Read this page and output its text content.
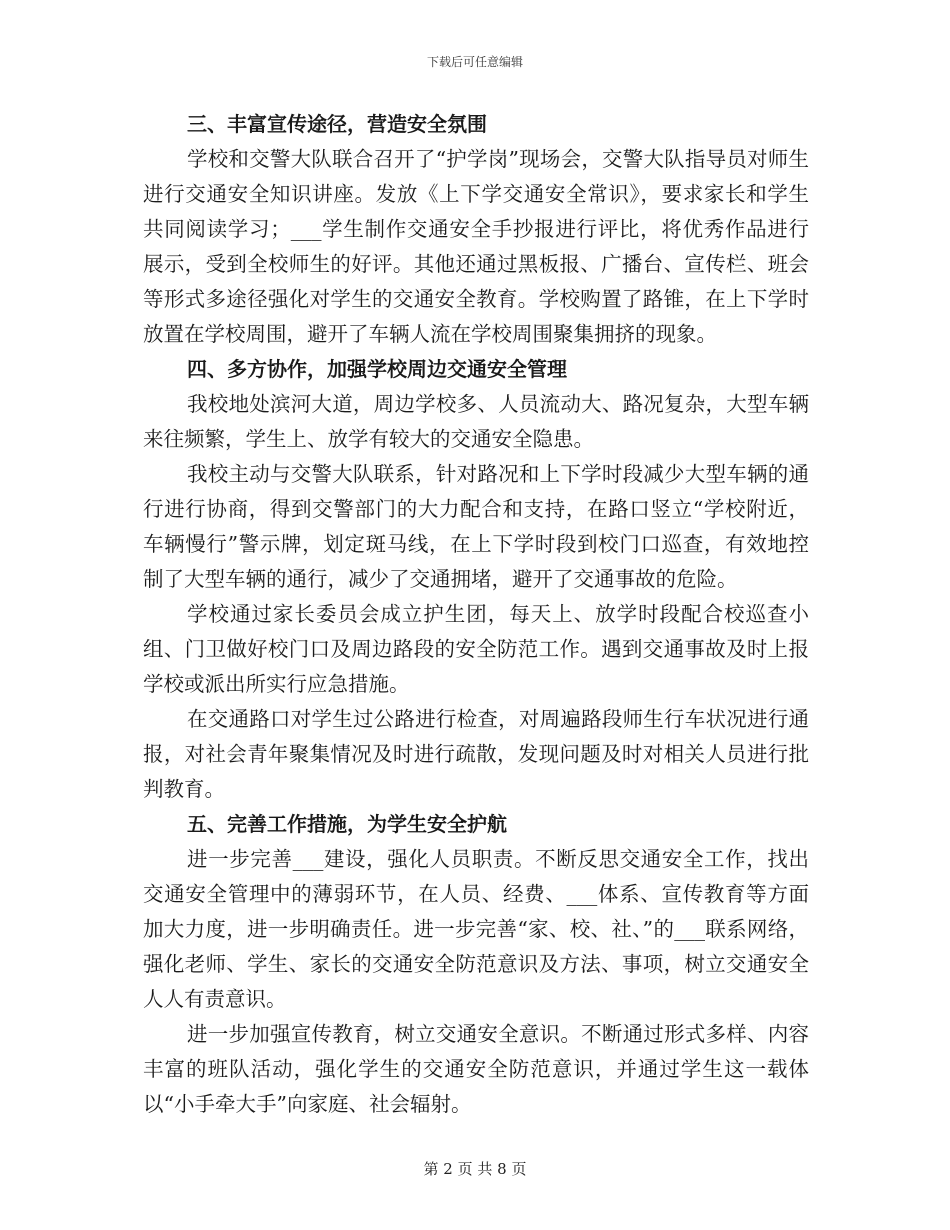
下载后可任意编辑
三、丰富宣传途径，营造安全氛围

学校和交警大队联合召开了“护学岗”现场会，交警大队指导员对师生进行交通安全知识讲座。发放《上下学交通安全常识》，要求家长和学生共同阅读学习；___学生制作交通安全手抄报进行评比，将优秀作品进行展示，受到全校师生的好评。其他还通过黑板报、广播台、宣传栏、班会等形式多途径强化对学生的交通安全教育。学校购置了路锥，在上下学时放置在学校周围，避开了车辆人流在学校周围聚集拥挤的现象。

四、多方协作，加强学校周边交通安全管理

我校地处滨河大道，周边学校多、人员流动大、路况复杂，大型车辆来往频繁，学生上、放学有较大的交通安全隐患。

我校主动与交警大队联系，针对路况和上下学时段减少大型车辆的通行进行协商，得到交警部门的大力配合和支持，在路口竖立“学校附近，车辆慢行”警示牌，划定斑马线，在上下学时段到校门口巡查，有效地控制了大型车辆的通行，减少了交通拥堵，避开了交通事故的危险。

学校通过家长委员会成立护生团，每天上、放学时段配合校巡查小组、门卫做好校门口及周边路段的安全防范工作。遇到交通事故及时上报学校或派出所实行应急措施。

在交通路口对学生过公路进行检查，对周遍路段师生行车状况进行通报，对社会青年聚集情况及时进行疏散，发现问题及时对相关人员进行批判教育。

五、完善工作措施，为学生安全护航

进一步完善___建设，强化人员职责。不断反思交通安全工作，找出交通安全管理中的薄弱环节，在人员、经费、___体系、宣传教育等方面加大力度，进一步明确责任。进一步完善“家、校、社、”的___联系网络，强化老师、学生、家长的交通安全防范意识及方法、事项，树立交通安全人人有责意识。

进一步加强宣传教育，树立交通安全意识。不断通过形式多样、内容丰富的班队活动，强化学生的交通安全防范意识，并通过学生这一载体以“小手牵大手”向家庭、社会辐射。

第 2 页 共 8 页
